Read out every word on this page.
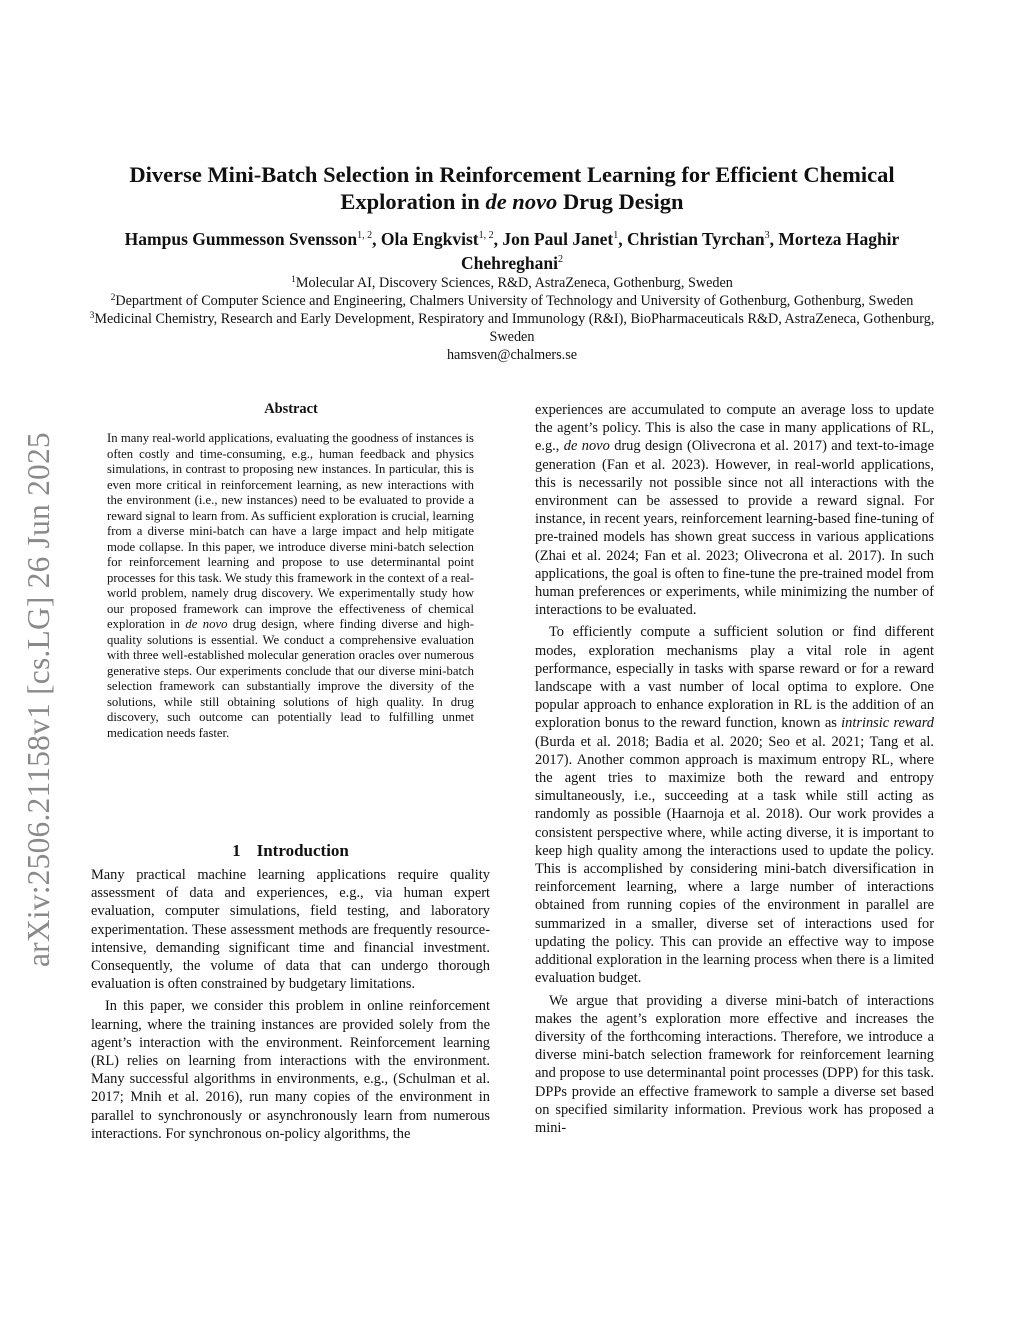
arXiv:2506.21158v1 [cs.LG] 26 Jun 2025
Diverse Mini-Batch Selection in Reinforcement Learning for Efficient Chemical
Exploration in de novo Drug Design
Hampus Gummesson Svensson$^{1, 2}$, Ola Engkvist$^{1, 2}$, Jon Paul Janet$^1$, Christian Tyrchan$^3$, Morteza Haghir Chehreghani$^2$
$^1$Molecular AI, Discovery Sciences, R&D, AstraZeneca, Gothenburg, Sweden
$^2$Department of Computer Science and Engineering, Chalmers University of Technology and University of Gothenburg, Gothenburg, Sweden
$^3$Medicinal Chemistry, Research and Early Development, Respiratory and Immunology (R&I), BioPharmaceuticals R&D, AstraZeneca, Gothenburg, Sweden
hamsven@chalmers.se
Abstract

In many real-world applications, evaluating the goodness of instances is often costly and time-consuming, e.g., human feedback and physics simulations, in contrast to proposing new instances. In particular, this is even more critical in reinforcement learning, as new interactions with the environment (i.e., new instances) need to be evaluated to provide a reward signal to learn from. As sufficient exploration is crucial, learning from a diverse mini-batch can have a large impact and help mitigate mode collapse. In this paper, we introduce diverse mini-batch selection for reinforcement learning and propose to use determinantal point processes for this task. We study this framework in the context of a real-world problem, namely drug discovery. We experimentally study how our proposed framework can improve the effectiveness of chemical exploration in de novo drug design, where finding diverse and high-quality solutions is essential. We conduct a comprehensive evaluation with three well-established molecular generation oracles over numerous generative steps. Our experiments conclude that our diverse mini-batch selection framework can substantially improve the diversity of the solutions, while still obtaining solutions of high quality. In drug discovery, such outcome can potentially lead to fulfilling unmet medication needs faster.

1 Introduction

Many practical machine learning applications require quality assessment of data and experiences, e.g., via human expert evaluation, computer simulations, field testing, and laboratory experimentation. These assessment methods are frequently resource-intensive, demanding significant time and financial investment. Consequently, the volume of data that can undergo thorough evaluation is often constrained by budgetary limitations.

In this paper, we consider this problem in online reinforcement learning, where the training instances are provided solely from the agent’s interaction with the environment. Reinforcement learning (RL) relies on learning from interactions with the environment. Many successful algorithms in environments, e.g., (Schulman et al. 2017; Mnih et al. 2016), run many copies of the environment in parallel to synchronously or asynchronously learn from numerous interactions. For synchronous on-policy algorithms, the

experiences are accumulated to compute an average loss to update the agent’s policy. This is also the case in many applications of RL, e.g., de novo drug design (Olivecrona et al. 2017) and text-to-image generation (Fan et al. 2023). However, in real-world applications, this is necessarily not possible since not all interactions with the environment can be assessed to provide a reward signal. For instance, in recent years, reinforcement learning-based fine-tuning of pre-trained models has shown great success in various applications (Zhai et al. 2024; Fan et al. 2023; Olivecrona et al. 2017). In such applications, the goal is often to fine-tune the pre-trained model from human preferences or experiments, while minimizing the number of interactions to be evaluated.

To efficiently compute a sufficient solution or find different modes, exploration mechanisms play a vital role in agent performance, especially in tasks with sparse reward or for a reward landscape with a vast number of local optima to explore. One popular approach to enhance exploration in RL is the addition of an exploration bonus to the reward function, known as intrinsic reward (Burda et al. 2018; Badia et al. 2020; Seo et al. 2021; Tang et al. 2017). Another common approach is maximum entropy RL, where the agent tries to maximize both the reward and entropy simultaneously, i.e., succeeding at a task while still acting as randomly as possible (Haarnoja et al. 2018). Our work provides a consistent perspective where, while acting diverse, it is important to keep high quality among the interactions used to update the policy. This is accomplished by considering mini-batch diversification in reinforcement learning, where a large number of interactions obtained from running copies of the environment in parallel are summarized in a smaller, diverse set of interactions used for updating the policy. This can provide an effective way to impose additional exploration in the learning process when there is a limited evaluation budget.

We argue that providing a diverse mini-batch of interactions makes the agent’s exploration more effective and increases the diversity of the forthcoming interactions. Therefore, we introduce a diverse mini-batch selection framework for reinforcement learning and propose to use determinantal point processes (DPP) for this task. DPPs provide an effective framework to sample a diverse set based on specified similarity information. Previous work has proposed a mini-
